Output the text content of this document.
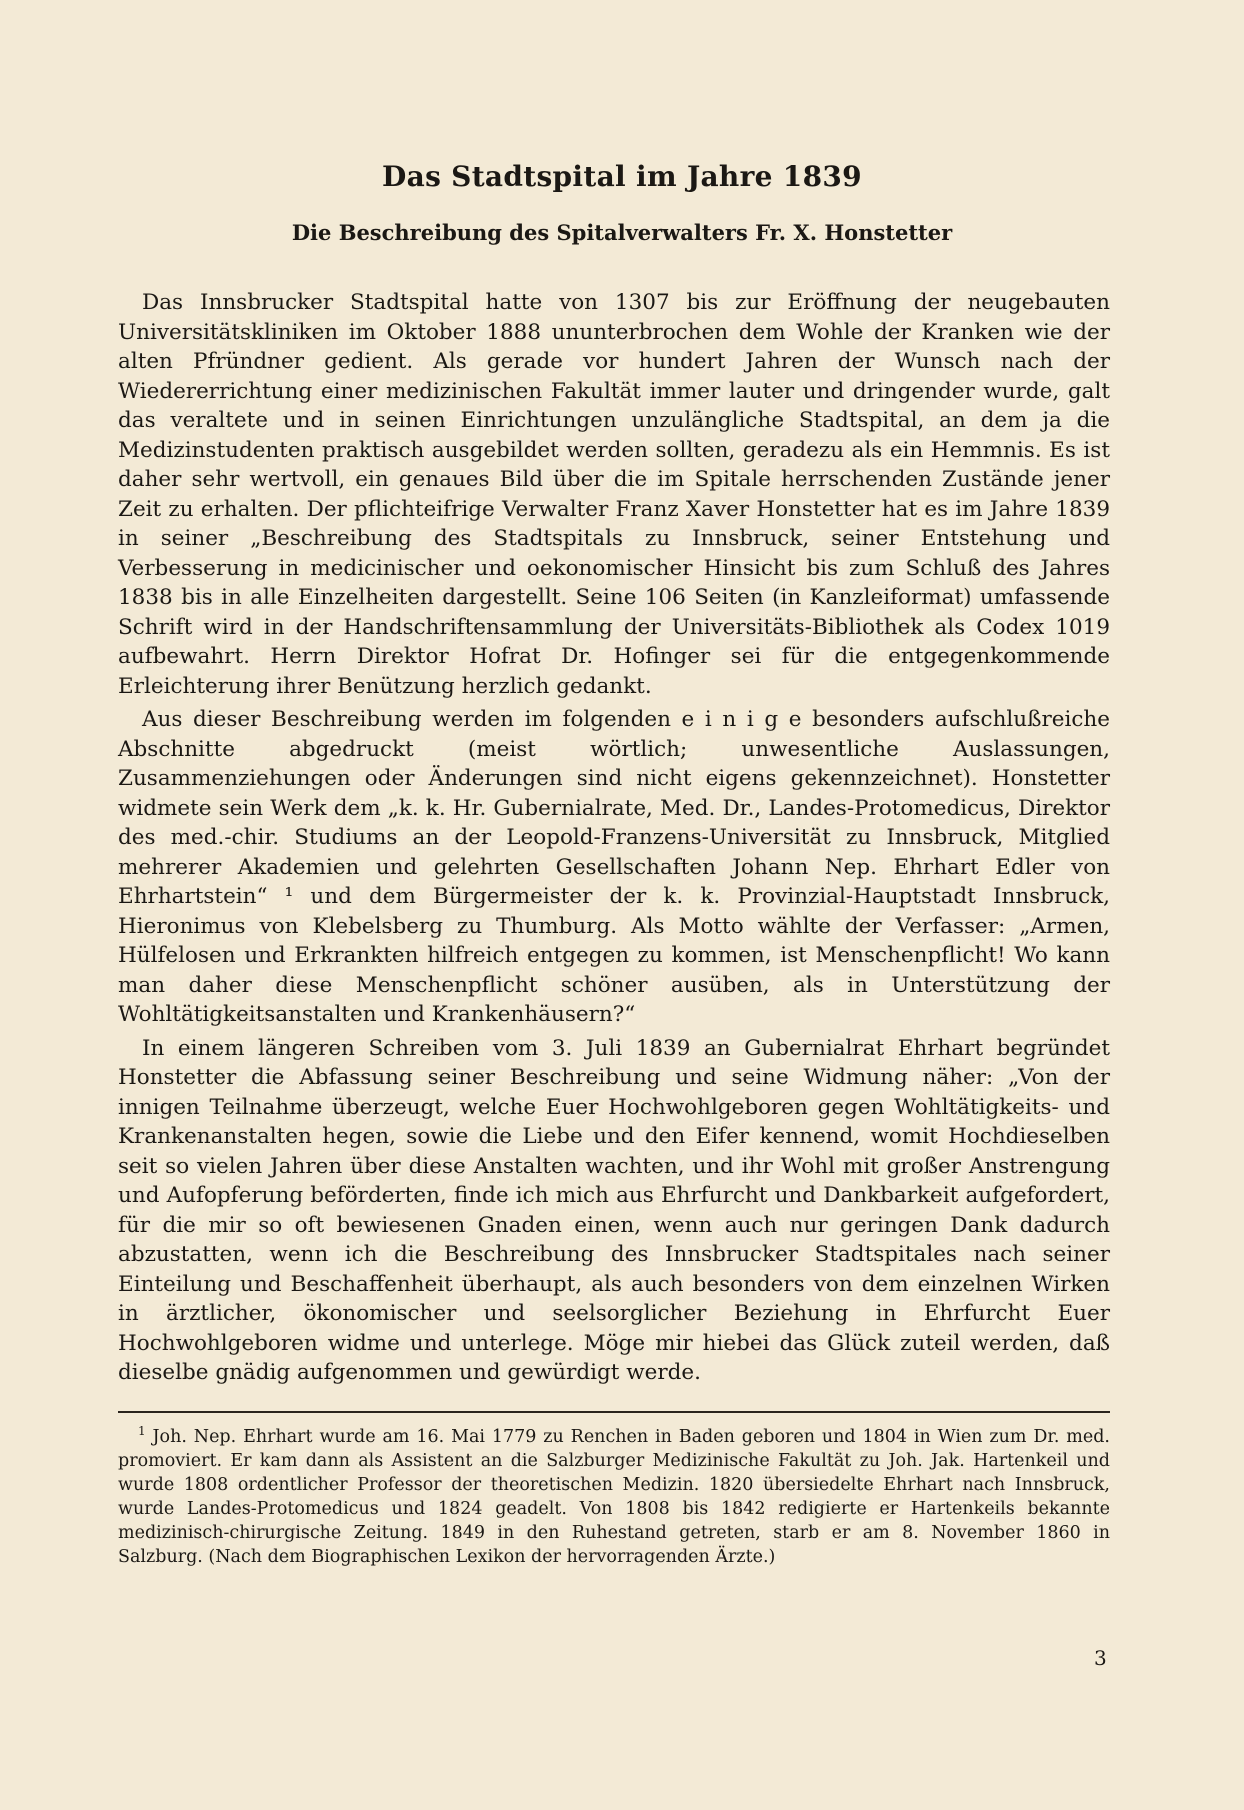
Das Stadtspital im Jahre 1839
Die Beschreibung des Spitalverwalters Fr. X. Honstetter

Das Innsbrucker Stadtspital hatte von 1307 bis zur Eröffnung der neugebauten Universitätskliniken im Oktober 1888 ununterbrochen dem Wohle der Kranken wie der alten Pfründner gedient. Als gerade vor hundert Jahren der Wunsch nach der Wiedererrichtung einer medizinischen Fakultät immer lauter und dringender wurde, galt das veraltete und in seinen Einrichtungen unzulängliche Stadtspital, an dem ja die Medizinstudenten praktisch ausgebildet werden sollten, geradezu als ein Hemmnis. Es ist daher sehr wertvoll, ein genaues Bild über die im Spitale herrschenden Zustände jener Zeit zu erhalten. Der pflichteifrige Verwalter Franz Xaver Honstetter hat es im Jahre 1839 in seiner „Beschreibung des Stadtspitals zu Innsbruck, seiner Entstehung und Verbesserung in medicinischer und oekonomischer Hinsicht bis zum Schluß des Jahres 1838 bis in alle Einzelheiten dargestellt. Seine 106 Seiten (in Kanzleiformat) umfassende Schrift wird in der Handschriftensammlung der Universitäts-Bibliothek als Codex 1019 aufbewahrt. Herrn Direktor Hofrat Dr. Hofinger sei für die entgegenkommende Erleichterung ihrer Benützung herzlich gedankt.

Aus dieser Beschreibung werden im folgenden e i n i g e besonders aufschlußreiche Abschnitte abgedruckt (meist wörtlich; unwesentliche Auslassungen, Zusammenziehungen oder Änderungen sind nicht eigens gekennzeichnet). Honstetter widmete sein Werk dem „k. k. Hr. Gubernialrate, Med. Dr., Landes-Protomedicus, Direktor des med.-chir. Studiums an der Leopold-Franzens-Universität zu Innsbruck, Mitglied mehrerer Akademien und gelehrten Gesellschaften Johann Nep. Ehrhart Edler von Ehrhartstein“ ¹ und dem Bürgermeister der k. k. Provinzial-Hauptstadt Innsbruck, Hieronimus von Klebelsberg zu Thumburg. Als Motto wählte der Verfasser: „Armen, Hülfelosen und Erkrankten hilfreich entgegen zu kommen, ist Menschenpflicht! Wo kann man daher diese Menschenpflicht schöner ausüben, als in Unterstützung der Wohltätigkeitsanstalten und Krankenhäusern?“

In einem längeren Schreiben vom 3. Juli 1839 an Gubernialrat Ehrhart begründet Honstetter die Abfassung seiner Beschreibung und seine Widmung näher: „Von der innigen Teilnahme überzeugt, welche Euer Hochwohlgeboren gegen Wohltätigkeits- und Krankenanstalten hegen, sowie die Liebe und den Eifer kennend, womit Hochdieselben seit so vielen Jahren über diese Anstalten wachten, und ihr Wohl mit großer Anstrengung und Aufopferung beförderten, finde ich mich aus Ehrfurcht und Dankbarkeit aufgefordert, für die mir so oft bewiesenen Gnaden einen, wenn auch nur geringen Dank dadurch abzustatten, wenn ich die Beschreibung des Innsbrucker Stadtspitales nach seiner Einteilung und Beschaffenheit überhaupt, als auch besonders von dem einzelnen Wirken in ärztlicher, ökonomischer und seelsorglicher Beziehung in Ehrfurcht Euer Hochwohlgeboren widme und unterlege. Möge mir hiebei das Glück zuteil werden, daß dieselbe gnädig aufgenommen und gewürdigt werde.

$^1$ Joh. Nep. Ehrhart wurde am 16. Mai 1779 zu Renchen in Baden geboren und 1804 in Wien zum Dr. med. promoviert. Er kam dann als Assistent an die Salzburger Medizinische Fakultät zu Joh. Jak. Hartenkeil und wurde 1808 ordentlicher Professor der theoretischen Medizin. 1820 übersiedelte Ehrhart nach Innsbruck, wurde Landes-Protomedicus und 1824 geadelt. Von 1808 bis 1842 redigierte er Hartenkeils bekannte medizinisch-chirurgische Zeitung. 1849 in den Ruhestand getreten, starb er am 8. November 1860 in Salzburg. (Nach dem Biographischen Lexikon der hervorragenden Ärzte.)
3
